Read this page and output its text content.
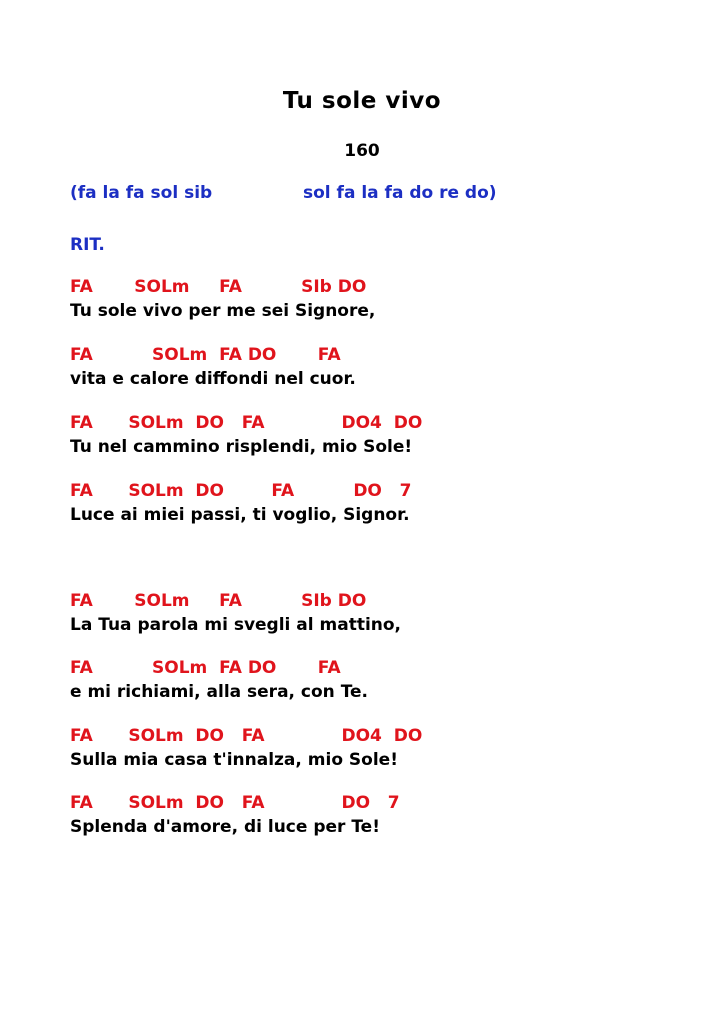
Tu sole vivo
160
(fa la fa sol sib	sol fa la fa do re do)
RIT.
FA       SOLm     FA          SIb DO
Tu sole vivo per me sei Signore,
FA          SOLm  FA DO       FA
vita e calore diffondi nel cuor.
FA      SOLm  DO   FA             DO4  DO
Tu nel cammino risplendi, mio Sole!
FA      SOLm  DO        FA          DO   7
Luce ai miei passi, ti voglio, Signor.
FA       SOLm     FA          SIb DO
La Tua parola mi svegli al mattino,
FA          SOLm  FA DO       FA
e mi richiami, alla sera, con Te.
FA      SOLm  DO   FA             DO4  DO
Sulla mia casa t'innalza, mio Sole!
FA      SOLm  DO   FA             DO   7
Splenda d'amore, di luce per Te!
